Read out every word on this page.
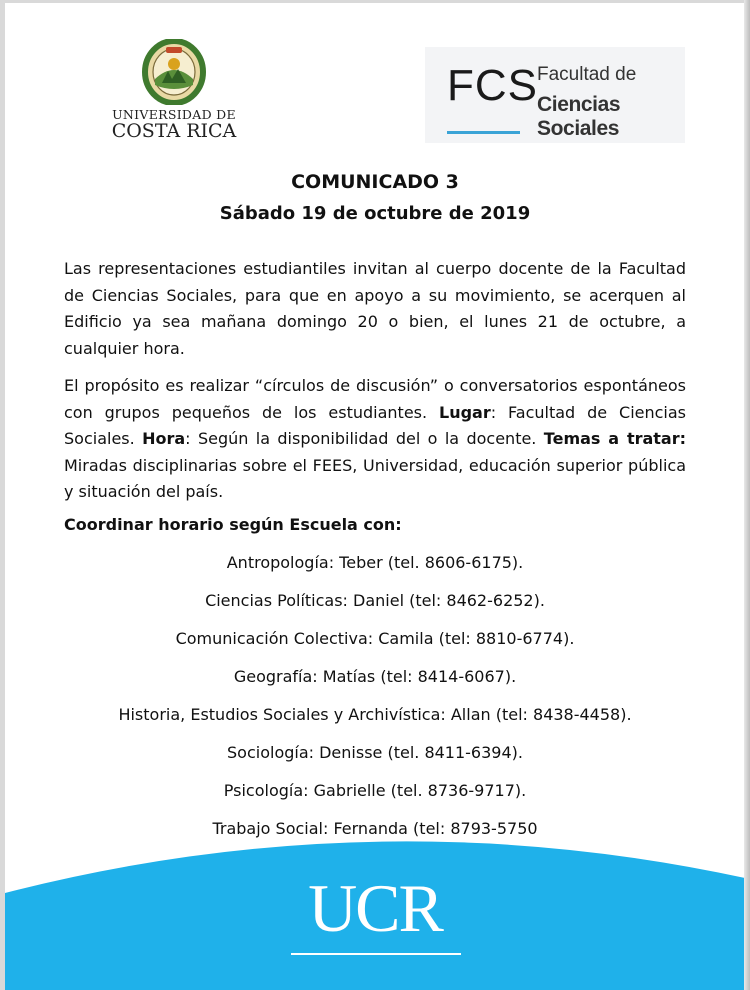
UNIVERSIDAD DE
COSTA RICA
FCS Facultad de
Ciencias Sociales
COMUNICADO 3
Sábado 19 de octubre de 2019

Las representaciones estudiantiles invitan al cuerpo docente de la Facultad de Ciencias Sociales, para que en apoyo a su movimiento, se acerquen al Edificio ya sea mañana domingo 20 o bien, el lunes 21 de octubre, a cualquier hora.

El propósito es realizar “círculos de discusión” o conversatorios espontáneos con grupos pequeños de los estudiantes. Lugar: Facultad de Ciencias Sociales. Hora: Según la disponibilidad del o la docente. Temas a tratar: Miradas disciplinarias sobre el FEES, Universidad, educación superior pública y situación del país.

Coordinar horario según Escuela con:
Antropología: Teber (tel. 8606-6175).
Ciencias Políticas: Daniel (tel: 8462-6252).
Comunicación Colectiva: Camila (tel: 8810-6774).
Geografía: Matías (tel: 8414-6067).
Historia, Estudios Sociales y Archivística: Allan (tel: 8438-4458).
Sociología: Denisse (tel. 8411-6394).
Psicología: Gabrielle (tel. 8736-9717).
Trabajo Social: Fernanda (tel: 8793-5750
UCR
